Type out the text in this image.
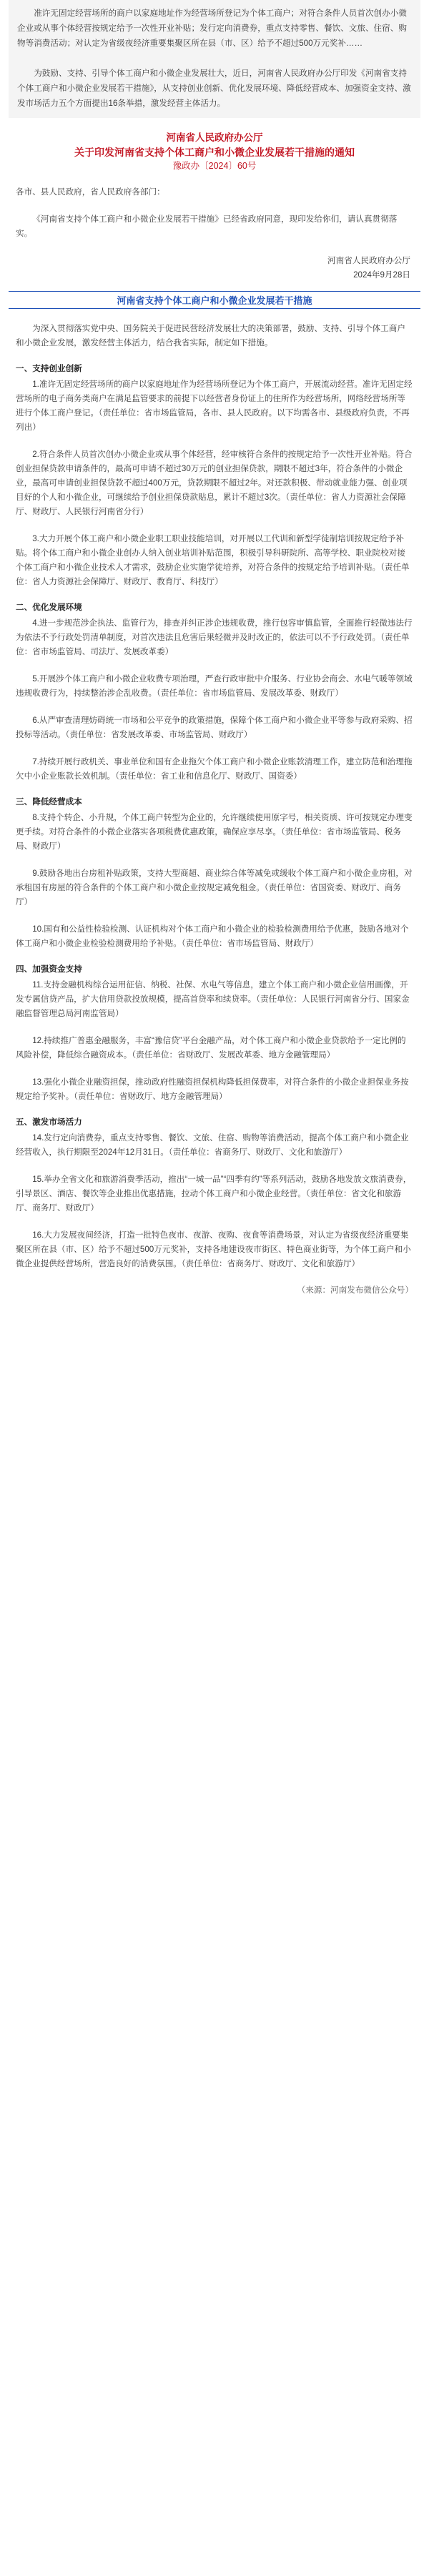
准许无固定经营场所的商户以家庭地址作为经营场所登记为个体工商户；对符合条件人员首次创办小微企业或从事个体经营按规定给予一次性开业补贴；发行定向消费券，重点支持零售、餐饮、文旅、住宿、购物等消费活动；对认定为省级夜经济重要集聚区所在县（市、区）给予不超过500万元奖补……

为鼓励、支持、引导个体工商户和小微企业发展壮大，近日，河南省人民政府办公厅印发《河南省支持个体工商户和小微企业发展若干措施》，从支持创业创新、优化发展环境、降低经营成本、加强资金支持、激发市场活力五个方面提出16条举措，激发经营主体活力。

河南省人民政府办公厅
关于印发河南省支持个体工商户和小微企业发展若干措施的通知
豫政办〔2024〕60号

各市、县人民政府，省人民政府各部门：

《河南省支持个体工商户和小微企业发展若干措施》已经省政府同意，现印发给你们，请认真贯彻落实。

河南省人民政府办公厅

2024年9月28日

河南省支持个体工商户和小微企业发展若干措施

为深入贯彻落实党中央、国务院关于促进民营经济发展壮大的决策部署，鼓励、支持、引导个体工商户和小微企业发展，激发经营主体活力，结合我省实际，制定如下措施。

一、支持创业创新

1.准许无固定经营场所的商户以家庭地址作为经营场所登记为个体工商户，开展流动经营。准许无固定经营场所的电子商务类商户在满足监管要求的前提下以经营者身份证上的住所作为经营场所，网络经营场所等进行个体工商户登记。（责任单位：省市场监管局，各市、县人民政府。以下均需各市、县级政府负责，不再列出）

2.符合条件人员首次创办小微企业或从事个体经营，经审核符合条件的按规定给予一次性开业补贴。符合创业担保贷款申请条件的，最高可申请不超过30万元的创业担保贷款，期限不超过3年，符合条件的小微企业，最高可申请创业担保贷款不超过400万元，贷款期限不超过2年。对还款积极、带动就业能力强、创业项目好的个人和小微企业，可继续给予创业担保贷款贴息，累计不超过3次。（责任单位：省人力资源社会保障厅、财政厅、人民银行河南省分行）

3.大力开展个体工商户和小微企业职工职业技能培训，对开展以工代训和新型学徒制培训按规定给予补贴。将个体工商户和小微企业创办人纳入创业培训补贴范围，积极引导科研院所、高等学校、职业院校对接个体工商户和小微企业技术人才需求，鼓励企业实施学徒培养，对符合条件的按规定给予培训补贴。（责任单位：省人力资源社会保障厅、财政厅、教育厅、科技厅）

二、优化发展环境

4.进一步规范涉企执法、监管行为，排查并纠正涉企违规收费，推行包容审慎监管，全面推行轻微违法行为依法不予行政处罚清单制度，对首次违法且危害后果轻微并及时改正的，依法可以不予行政处罚。（责任单位：省市场监管局、司法厅、发展改革委）

5.开展涉个体工商户和小微企业收费专项治理，严查行政审批中介服务、行业协会商会、水电气暖等领域违规收费行为，持续整治涉企乱收费。（责任单位：省市场监管局、发展改革委、财政厅）

6.从严审查清理妨碍统一市场和公平竞争的政策措施，保障个体工商户和小微企业平等参与政府采购、招投标等活动。（责任单位：省发展改革委、市场监管局、财政厅）

7.持续开展行政机关、事业单位和国有企业拖欠个体工商户和小微企业账款清理工作，建立防范和治理拖欠中小企业账款长效机制。（责任单位：省工业和信息化厅、财政厅、国资委）

三、降低经营成本

8.支持个转企、小升规，个体工商户转型为企业的，允许继续使用原字号，相关资质、许可按规定办理变更手续。对符合条件的小微企业落实各项税费优惠政策，确保应享尽享。（责任单位：省市场监管局、税务局、财政厅）

9.鼓励各地出台房租补贴政策，支持大型商超、商业综合体等减免或缓收个体工商户和小微企业房租，对承租国有房屋的符合条件的个体工商户和小微企业按规定减免租金。（责任单位：省国资委、财政厅、商务厅）

10.国有和公益性检验检测、认证机构对个体工商户和小微企业的检验检测费用给予优惠，鼓励各地对个体工商户和小微企业检验检测费用给予补贴。（责任单位：省市场监管局、财政厅）

四、加强资金支持

11.支持金融机构综合运用征信、纳税、社保、水电气等信息，建立个体工商户和小微企业信用画像，开发专属信贷产品，扩大信用贷款投放规模，提高首贷率和续贷率。（责任单位：人民银行河南省分行、国家金融监督管理总局河南监管局）

12.持续推广普惠金融服务，丰富“豫信贷”平台金融产品，对个体工商户和小微企业贷款给予一定比例的风险补偿，降低综合融资成本。（责任单位：省财政厅、发展改革委、地方金融管理局）

13.强化小微企业融资担保，推动政府性融资担保机构降低担保费率，对符合条件的小微企业担保业务按规定给予奖补。（责任单位：省财政厅、地方金融管理局）

五、激发市场活力

14.发行定向消费券，重点支持零售、餐饮、文旅、住宿、购物等消费活动，提高个体工商户和小微企业经营收入，执行期限至2024年12月31日。（责任单位：省商务厅、财政厅、文化和旅游厅）

15.举办全省文化和旅游消费季活动，推出“一城一品”“四季有约”等系列活动，鼓励各地发放文旅消费券，引导景区、酒店、餐饮等企业推出优惠措施，拉动个体工商户和小微企业经营。（责任单位：省文化和旅游厅、商务厅、财政厅）

16.大力发展夜间经济，打造一批特色夜市、夜游、夜购、夜食等消费场景，对认定为省级夜经济重要集聚区所在县（市、区）给予不超过500万元奖补，支持各地建设夜市街区、特色商业街等，为个体工商户和小微企业提供经营场所，营造良好的消费氛围。（责任单位：省商务厅、财政厅、文化和旅游厅）

（来源：河南发布微信公众号）
